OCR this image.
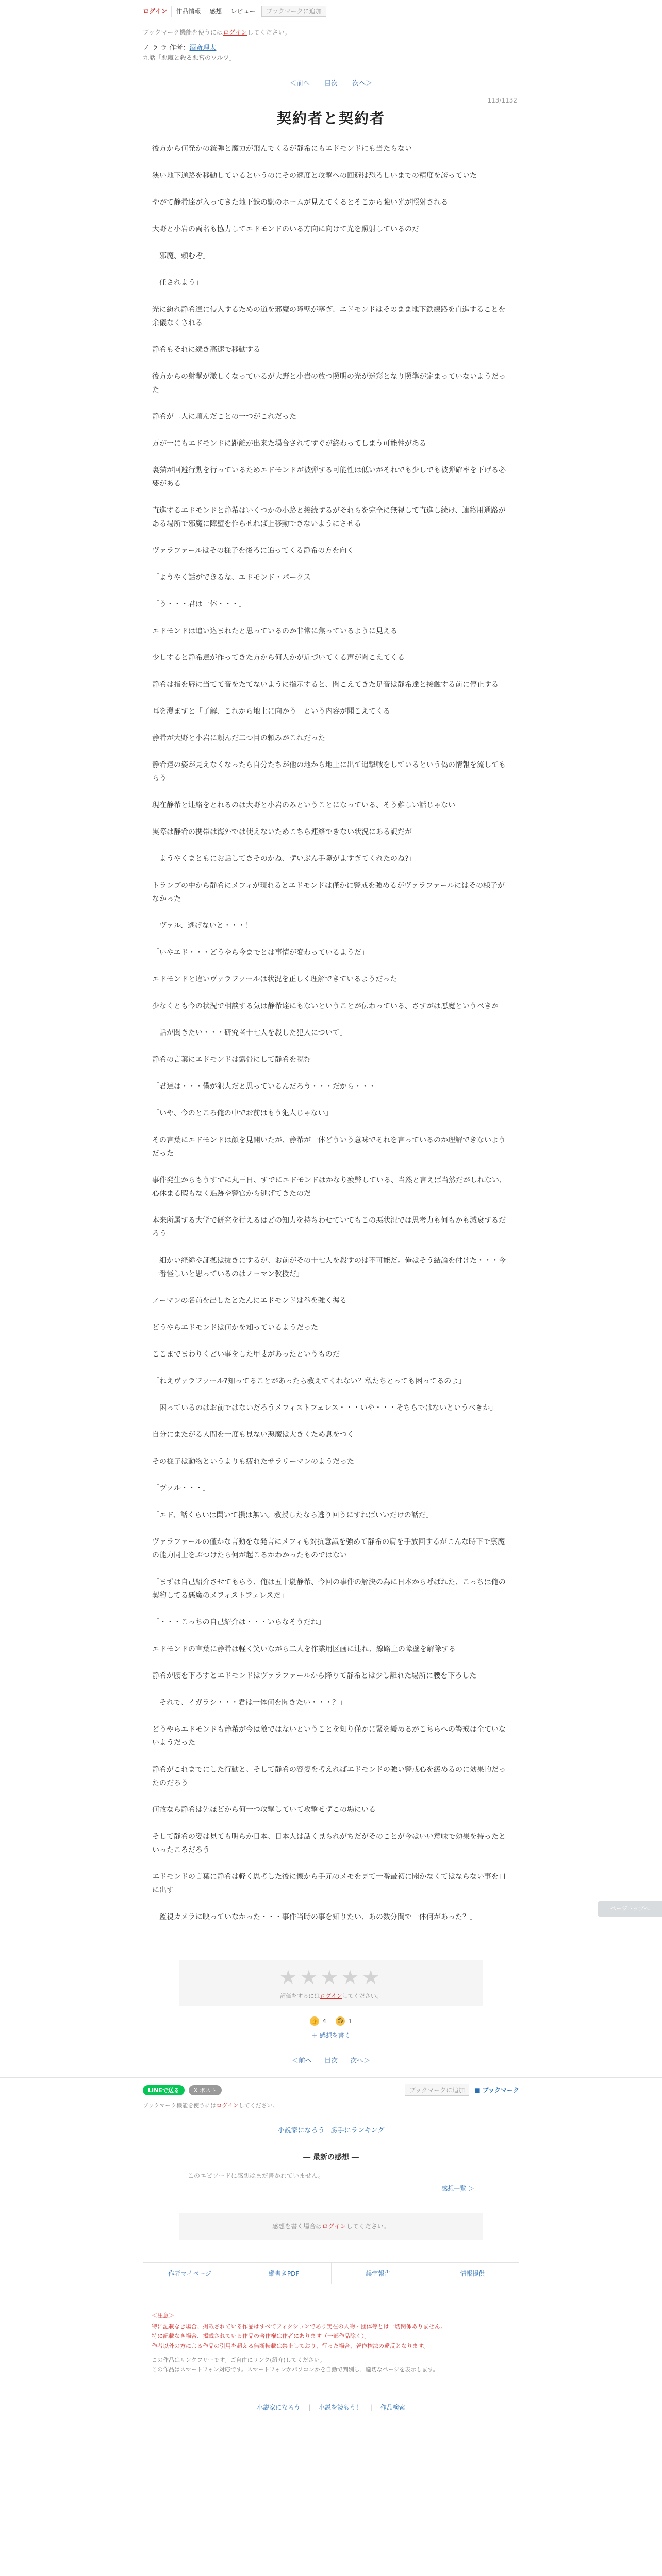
ログイン	作品情報	感想	レビュー	ブックマークに追加
ブックマーク機能を使うにはログインしてください。
ノ ラ ラ 作者：酒斎理太
九話「悪魔と殺る悪宮のワルツ」
＜前へ 目次 次へ＞
113/1132
契約者と契約者

後方から何発かの銃弾と魔力が飛んでくるが静希にもエドモンドにも当たらない

狭い地下通路を移動しているというのにその速度と攻撃への回避は恐ろしいまでの精度を誇っていた

やがて静希達が入ってきた地下鉄の駅のホームが見えてくるとそこから強い光が照射される

大野と小岩の両名も協力してエドモンドのいる方向に向けて光を照射しているのだ

「邪魔、頼むぞ」

「任されよう」

光に紛れ静希達に侵入するための道を邪魔の障壁が塞ぎ、エドモンドはそのまま地下鉄線路を直進することを余儀なくされる

静希もそれに続き高速で移動する

後方からの射撃が激しくなっているが大野と小岩の放つ照明の光が迷彩となり照準が定まっていないようだった

静希が二人に頼んだことの一つがこれだった

万が一にもエドモンドに距離が出来た場合されてすぐが終わってしまう可能性がある

裏猫が回避行動を行っているためエドモンドが被弾する可能性は低いがそれでも少しでも被弾確率を下げる必要がある

直進するエドモンドと静希はいくつかの小路と接続するがそれらを完全に無視して直進し続け、連絡用通路がある場所で邪魔に障壁を作らせれば上移動できないようにさせる

ヴァラファールはその様子を後ろに追ってくる静希の方を向く

「ようやく話ができるな、エドモンド・パークス」

「う・・・君は一体・・・」

エドモンドは追い込まれたと思っているのか非常に焦っているように見える

少しすると静希達が作ってきた方から何人かが近づいてくる声が聞こえてくる

静希は指を唇に当てて音をたてないように指示すると、聞こえてきた足音は静希達と接触する前に停止する

耳を澄ますと「了解、これから地上に向かう」という内容が聞こえてくる

静希が大野と小岩に頼んだ二つ目の頼みがこれだった

静希達の姿が見えなくなったら自分たちが他の地から地上に出て追撃戦をしているという偽の情報を流してもらう

現在静希と連絡をとれるのは大野と小岩のみということになっている、そう難しい話じゃない

実際は静希の携帯は海外では使えないためこちら連絡できない状況にある訳だが

「ようやくまともにお話してきそのかね、ずいぶん手際がよすぎてくれたのね?」

トランプの中から静希にメフィが現れるとエドモンドは僅かに警戒を強めるがヴァラファールにはその様子がなかった

「ヴァル、逃げないと・・・！」

「いやエド・・・どうやら今までとは事情が変わっているようだ」

エドモンドと違いヴァラファールは状況を正しく理解できているようだった

少なくとも今の状況で相談する気は静希達にもないということが伝わっている、さすがは悪魔というべきか

「話が聞きたい・・・研究者十七人を殺した犯人について」

静希の言葉にエドモンドは露骨にして静希を睨む

「君達は・・・僕が犯人だと思っているんだろう・・・だから・・・」

「いや、今のところ俺の中でお前はもう犯人じゃない」

その言葉にエドモンドは顔を見開いたが、静希が一体どういう意味でそれを言っているのか理解できないようだった

事件発生からもうすでに丸三日、すでにエドモンドはかなり疲弊している、当然と言えば当然だがしれない、心休まる暇もなく追跡や警官から逃げてきたのだ

本来所属する大学で研究を行えるはどの知力を持ちわせていてもこの悪状況では思考力も何もかも減衰するだろう

「細かい経緯や証拠は抜きにするが、お前がその十七人を殺すのは不可能だ。俺はそう結論を付けた・・・今一番怪しいと思っているのはノーマン教授だ」

ノーマンの名前を出したとたんにエドモンドは拳を強く握る

どうやらエドモンドは何かを知っているようだった

ここまでまわりくどい事をした甲斐があったというものだ

「ねえヴァラファール?知ってることがあったら教えてくれない？私たちとっても困ってるのよ」

「困っているのはお前ではないだろうメフィストフェレス・・・いや・・・そちらではないというべきか」

自分にまたがる人間を一度も見ない悪魔は大きくため息をつく

その様子は動物というよりも疲れたサラリーマンのようだった

「ヴァル・・・」

「エド、話くらいは聞いて損は無い。教授したなら逃り回うにすればいいだけの話だ」

ヴァラファールの僅かな言動をな発言にメフィも対抗意識を強めて静希の肩を手放回するがこんな時下で禀魔の能力同士をぶつけたら何が起こるかわかったものではない

「まずは自己紹介させてもらう、俺は五十嵐静希、今回の事件の解決の為に日本から呼ばれた、こっちは俺の契約してる悪魔のメフィストフェレスだ」

「・・・こっちの自己紹介は・・・いらなそうだね」

エドモンドの言葉に静希は軽く笑いながら二人を作業用区画に連れ、線路上の障壁を解除する

静希が腰を下ろすとエドモンドはヴァラファールから降りて静希とは少し離れた場所に腰を下ろした

「それで、イガラシ・・・君は一体何を聞きたい・・・？」

どうやらエドモンドも静希が今は敵ではないということを知り僅かに緊を緩めるがこちらへの警戒は全ていないようだった

静希がこれまでにした行動と、そして静希の容姿を考えればエドモンドの強い警戒心を緩めるのに効果的だったのだろう

何故なら静希は先ほどから何一つ攻撃していて攻撃せずこの場にいる

そして静希の姿は見ても明らか日本、日本人は話く見られがちだがそのことが今はいい意味で効果を持ったといったころだろう

エドモンドの言葉に静希は軽く思考した後に懐から手元のメモを見て一番最初に聞かなくてはならない事を口に出す

「監視カメラに映っていなかった・・・事件当時の事を知りたい、あの数分間で一体何があった？」

★★★★★
評価をするにはログインしてください。
👍 4 😊 1
＋ 感想を書く
＜前へ 目次 次へ＞
LINEで送る	X ポスト	ブックマークに追加	■ ブックマーク
ブックマーク機能を使うにはログインしてください。
小説家になろう 勝手にランキング
― 最新の感想 ―
このエピソードに感想はまだ書かれていません。
感想一覧 ＞
感想を書く場合はログインしてください。
作者マイページ	縦書きPDF	誤字報告	情報提供
＜注意＞
特に記載なき場合、掲載されている作品はすべてフィクションであり実在の人物・団体等とは一切関係ありません。
特に記載なき場合、掲載されている作品の著作権は作者にあります（一部作品除く）。
作者以外の方による作品の引用を超える無断転載は禁止しており、行った場合、著作権法の違反となります。
この作品はリンクフリーです。ご自由にリンク(紹介)してください。
この作品はスマートフォン対応です。スマートフォンかパソコンかを自動で判別し、適切なページを表示します。
小説家になろう | 小説を読もう！ | 作品検索
ページトップへ
